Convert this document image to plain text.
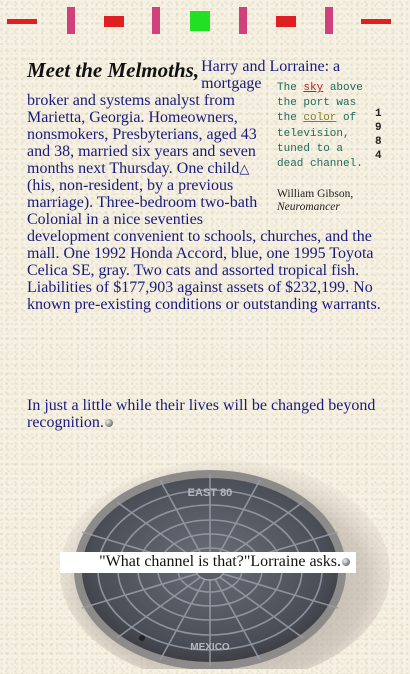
Meet the Melmoths,
The sky above the port was the color of television, tuned to a dead channel.
1
9
8
4
William Gibson,
Neuromancer
Harry and Lorraine: a mortgage broker and systems analyst from Marietta, Georgia. Homeowners, nonsmokers, Presbyterians, aged 43 and 38, married six years and seven months next Thursday. One child△ (his, non-resident, by a previous marriage). Three-bedroom two-bath Colonial in a nice seventies development convenient to schools, churches, and the mall. One 1992 Honda Accord, blue, one 1995 Toyota Celica SE, gray. Two cats and assorted tropical fish. Liabilities of $177,903 against assets of $232,199. No known pre-existing conditions or outstanding warrants.
In just a little while their lives will be changed beyond recognition.
EAST 80
MEXICO
"What channel is that?"Lorraine asks.
